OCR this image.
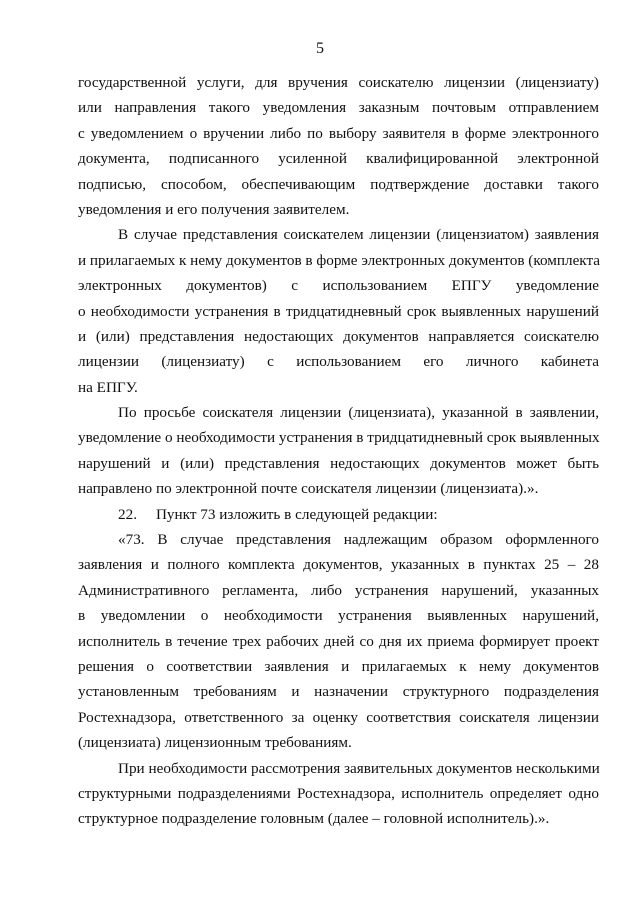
5
государственной услуги, для вручения соискателю лицензии (лицензиату)
или направления такого уведомления заказным почтовым отправлением
с уведомлением о вручении либо по выбору заявителя в форме электронного
документа, подписанного усиленной квалифицированной электронной
подписью, способом, обеспечивающим подтверждение доставки такого
уведомления и его получения заявителем.
В случае представления соискателем лицензии (лицензиатом) заявления
и прилагаемых к нему документов в форме электронных документов (комплекта
электронных документов) с использованием ЕПГУ уведомление
о необходимости устранения в тридцатидневный срок выявленных нарушений
и (или) представления недостающих документов направляется соискателю
лицензии (лицензиату) с использованием его личного кабинета
на ЕПГУ.
По просьбе соискателя лицензии (лицензиата), указанной в заявлении,
уведомление о необходимости устранения в тридцатидневный срок выявленных
нарушений и (или) представления недостающих документов может быть
направлено по электронной почте соискателя лицензии (лицензиата).».
22.     Пункт 73 изложить в следующей редакции:
«73. В случае представления надлежащим образом оформленного
заявления и полного комплекта документов, указанных в пунктах 25 – 28
Административного регламента, либо устранения нарушений, указанных
в уведомлении о необходимости устранения выявленных нарушений,
исполнитель в течение трех рабочих дней со дня их приема формирует проект
решения о соответствии заявления и прилагаемых к нему документов
установленным требованиям и назначении структурного подразделения
Ростехнадзора, ответственного за оценку соответствия соискателя лицензии
(лицензиата) лицензионным требованиям.
При необходимости рассмотрения заявительных документов несколькими
структурными подразделениями Ростехнадзора, исполнитель определяет одно
структурное подразделение головным (далее – головной исполнитель).».
